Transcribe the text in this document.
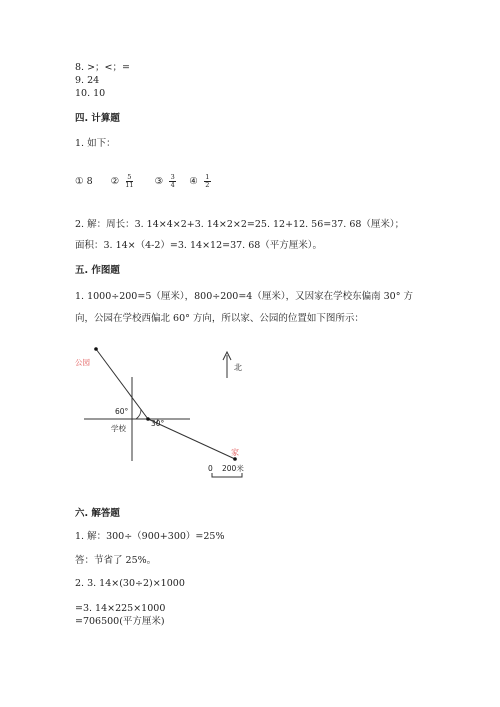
8. >；<；=
9. 24
10. 10
四. 计算题
1. 如下：
① 8 ② $\frac{5}{11}$ ③ $\frac{3}{4}$ ④ $\frac{1}{2}$
2. 解：周长：3. 14×4×2+3. 14×2×2=25. 12+12. 56=37. 68（厘米）；
面积：3. 14×（4-2）=3. 14×12=37. 68（平方厘米）。
五. 作图题
1. 1000÷200=5（厘米），800÷200=4（厘米），又因家在学校东偏南 30° 方
向，公园在学校西偏北 60° 方向，所以家、公园的位置如下图所示：
公园
60°
30°
学校
北
家
0 200米
六. 解答题
1. 解：300÷（900+300）=25%
答：节省了 25%。
2. 3. 14×(30÷2)×1000
=3. 14×225×1000
=706500(平方厘米)
